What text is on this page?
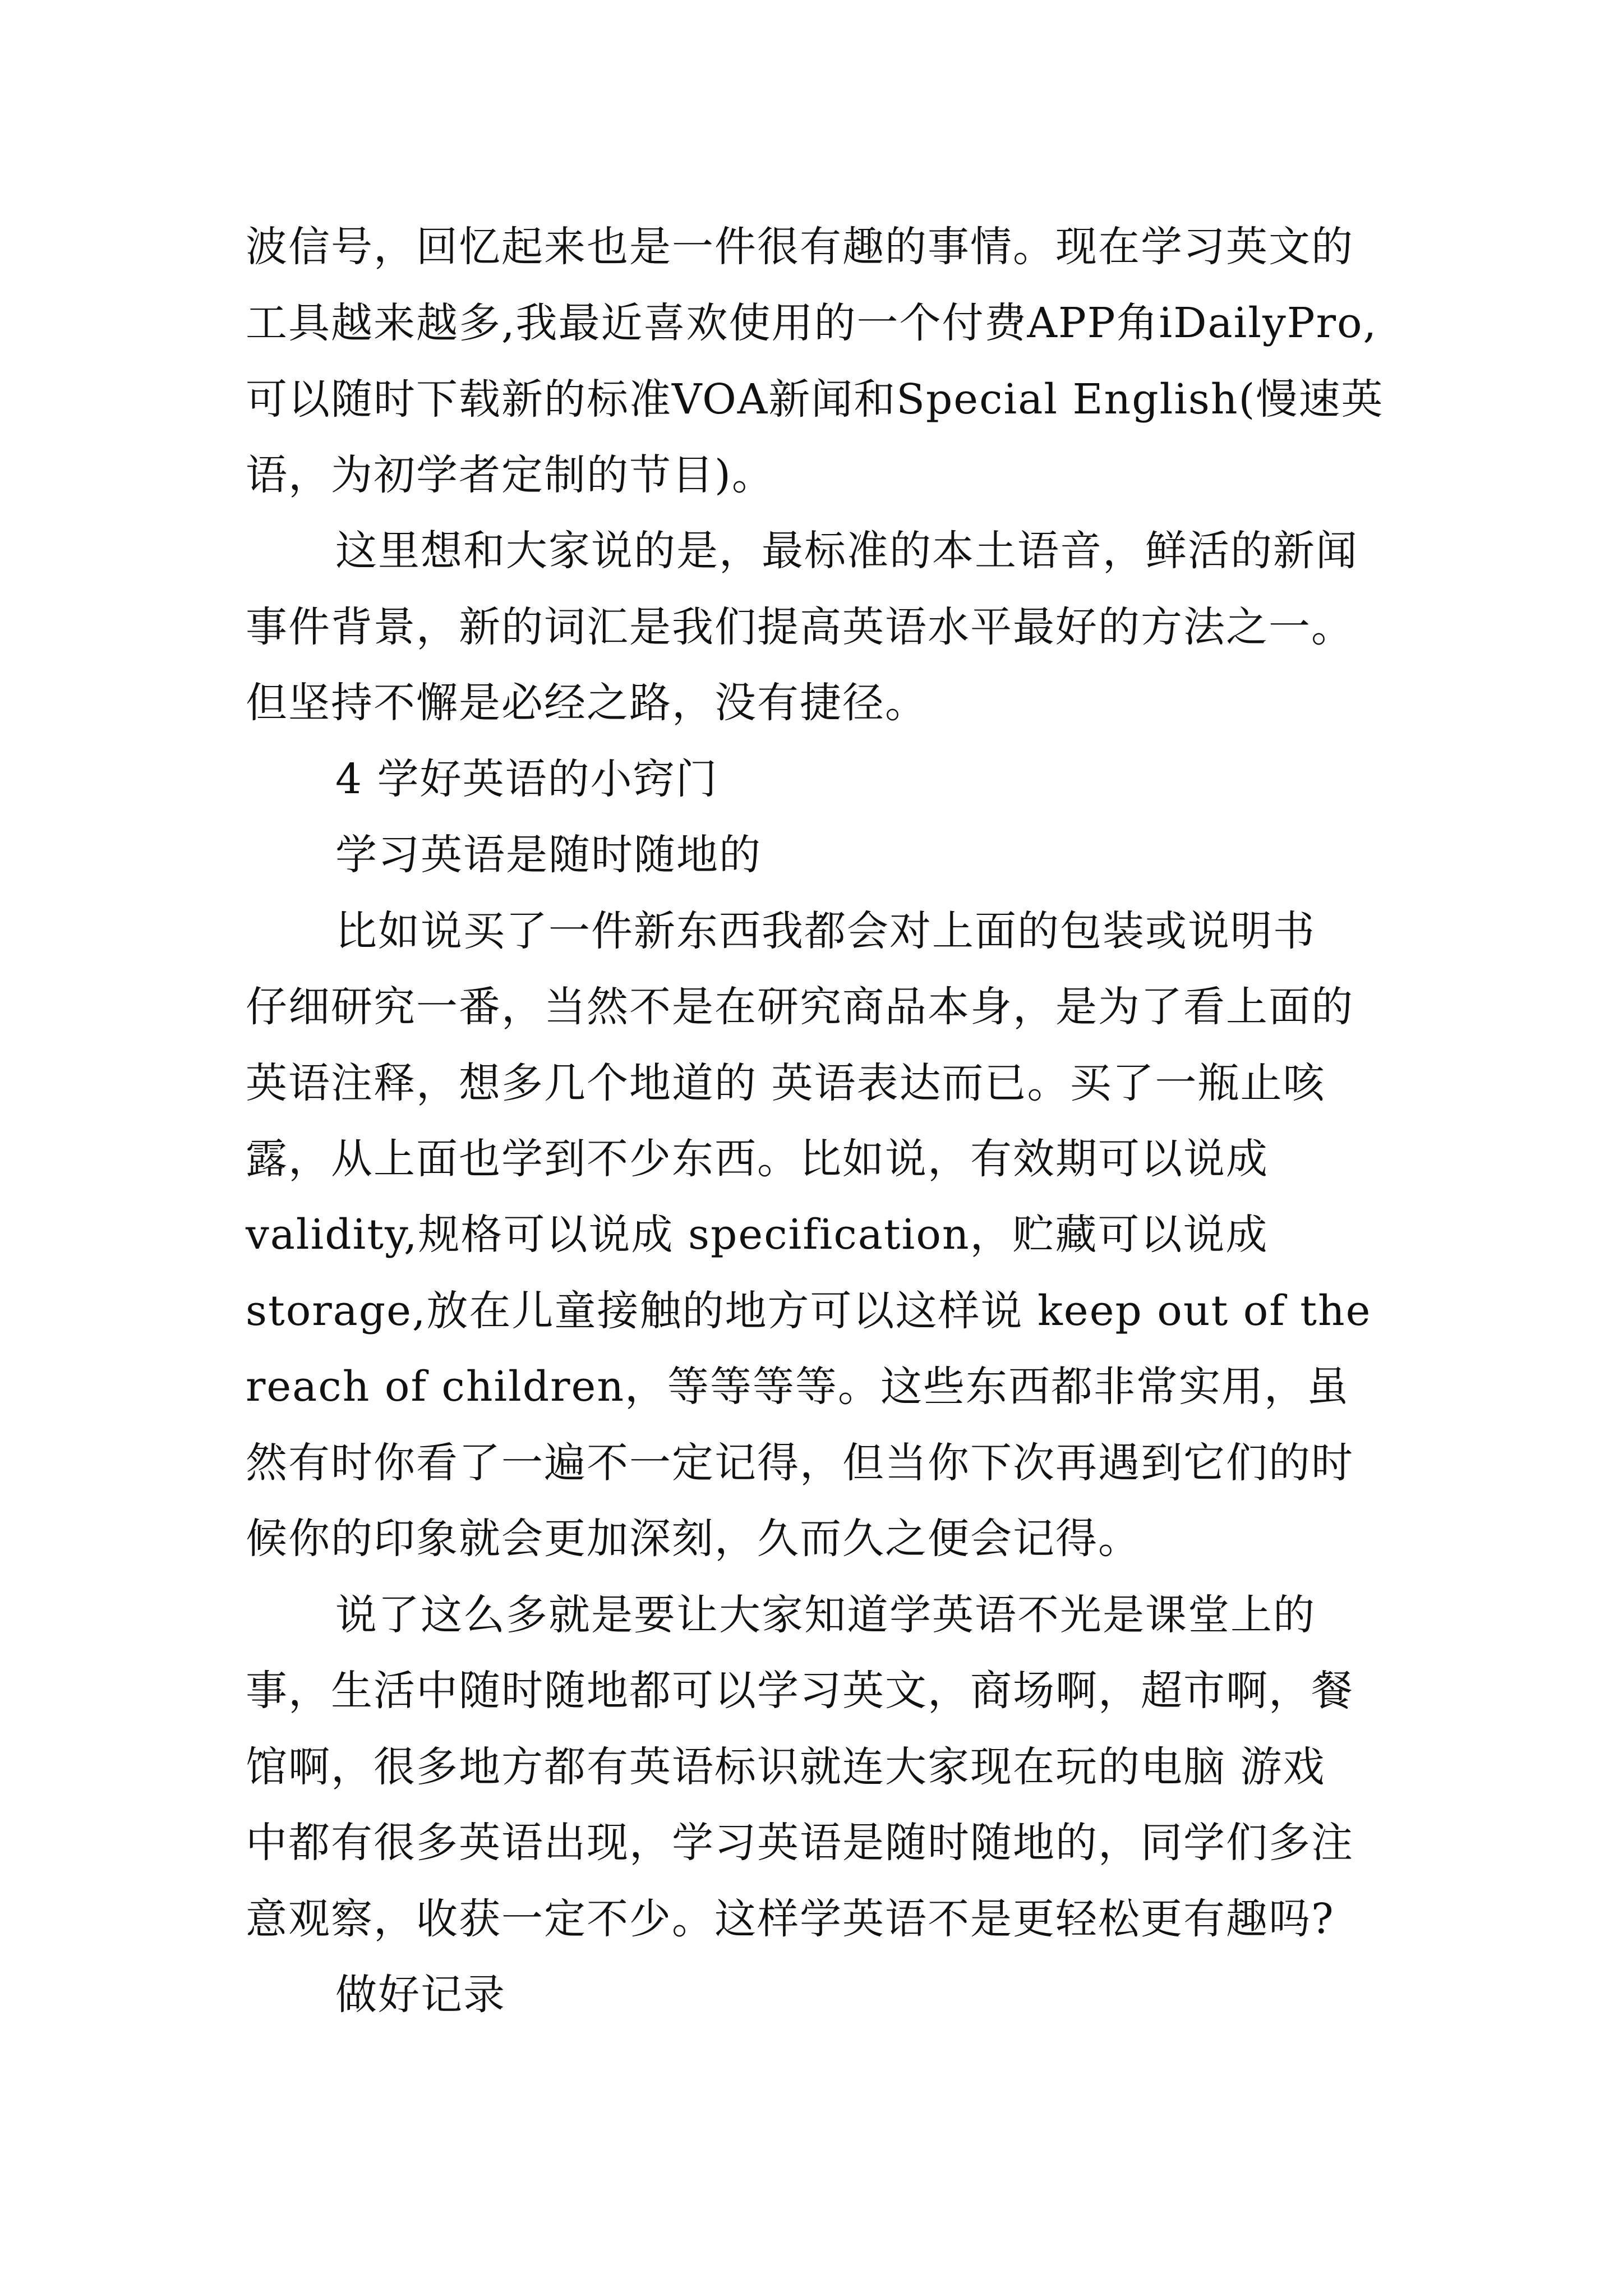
波信号，回忆起来也是一件很有趣的事情。现在学习英文的
工具越来越多,我最近喜欢使用的一个付费APP角iDailyPro,
可以随时下载新的标准VOA新闻和Special English(慢速英
语，为初学者定制的节目)。
这里想和大家说的是，最标准的本土语音，鲜活的新闻
事件背景，新的词汇是我们提高英语水平最好的方法之一。
但坚持不懈是必经之路，没有捷径。
4 学好英语的小窍门
学习英语是随时随地的
比如说买了一件新东西我都会对上面的包装或说明书
仔细研究一番，当然不是在研究商品本身，是为了看上面的
英语注释，想多几个地道的 英语表达而已。买了一瓶止咳
露，从上面也学到不少东西。比如说，有效期可以说成
validity,规格可以说成 specification，贮藏可以说成
storage,放在儿童接触的地方可以这样说 keep out of the
reach of children，等等等等。这些东西都非常实用，虽
然有时你看了一遍不一定记得，但当你下次再遇到它们的时
候你的印象就会更加深刻，久而久之便会记得。
说了这么多就是要让大家知道学英语不光是课堂上的
事，生活中随时随地都可以学习英文，商场啊，超市啊，餐
馆啊，很多地方都有英语标识就连大家现在玩的电脑 游戏
中都有很多英语出现，学习英语是随时随地的，同学们多注
意观察，收获一定不少。这样学英语不是更轻松更有趣吗?
做好记录
